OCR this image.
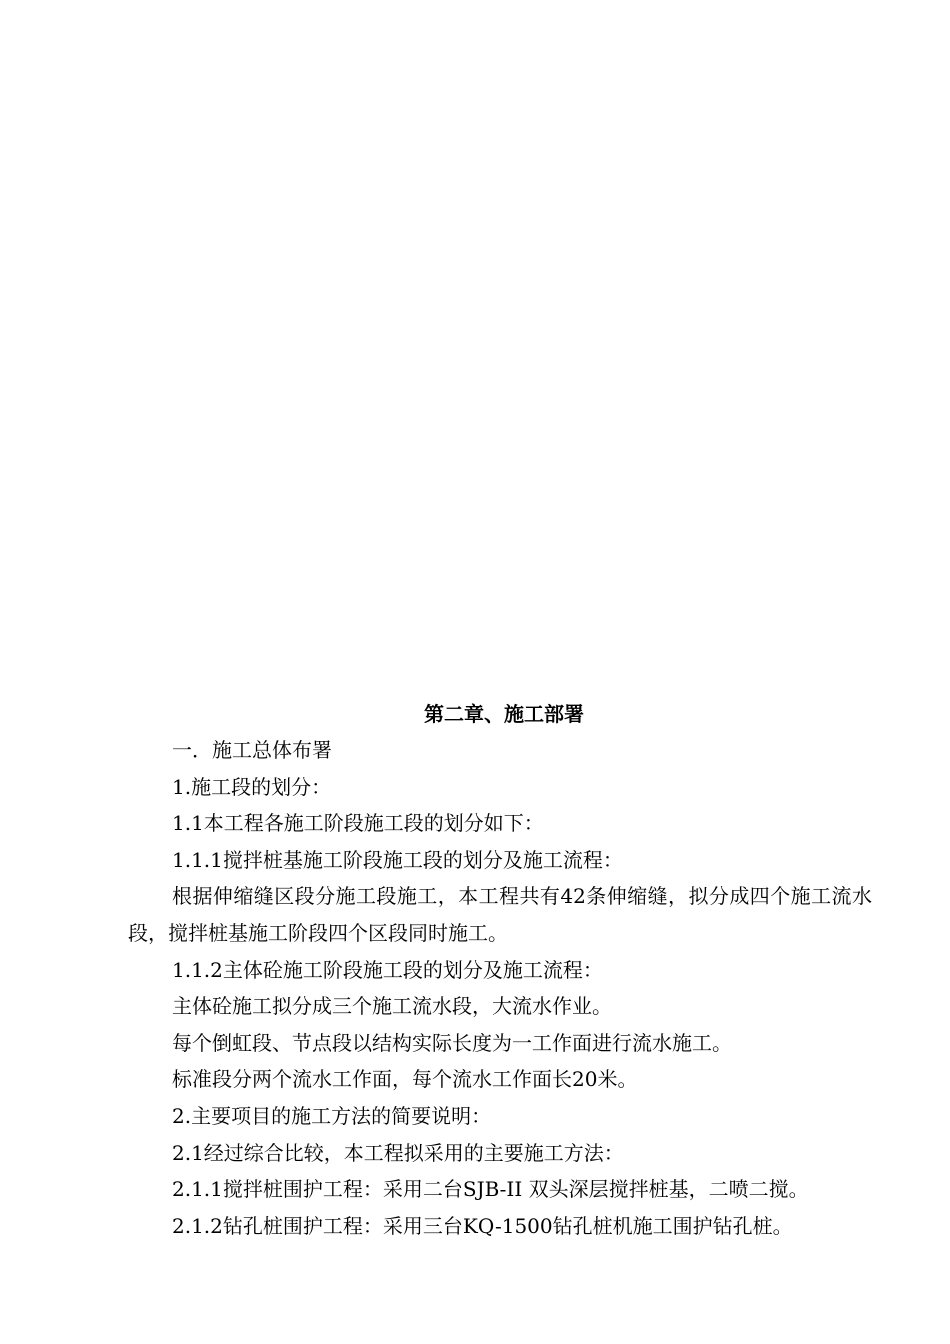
第二章、施工部署

一．施工总体布署

1.施工段的划分：

1.1本工程各施工阶段施工段的划分如下：

1.1.1搅拌桩基施工阶段施工段的划分及施工流程：

根据伸缩缝区段分施工段施工，本工程共有42条伸缩缝，拟分成四个施工流水段，搅拌桩基施工阶段四个区段同时施工。

1.1.2主体砼施工阶段施工段的划分及施工流程：

主体砼施工拟分成三个施工流水段，大流水作业。

每个倒虹段、节点段以结构实际长度为一工作面进行流水施工。

标准段分两个流水工作面，每个流水工作面长20米。

2.主要项目的施工方法的简要说明：

2.1经过综合比较，本工程拟采用的主要施工方法：

2.1.1搅拌桩围护工程：采用二台SJB-II 双头深层搅拌桩基，二喷二搅。

2.1.2钻孔桩围护工程：采用三台KQ-1500钻孔桩机施工围护钻孔桩。
